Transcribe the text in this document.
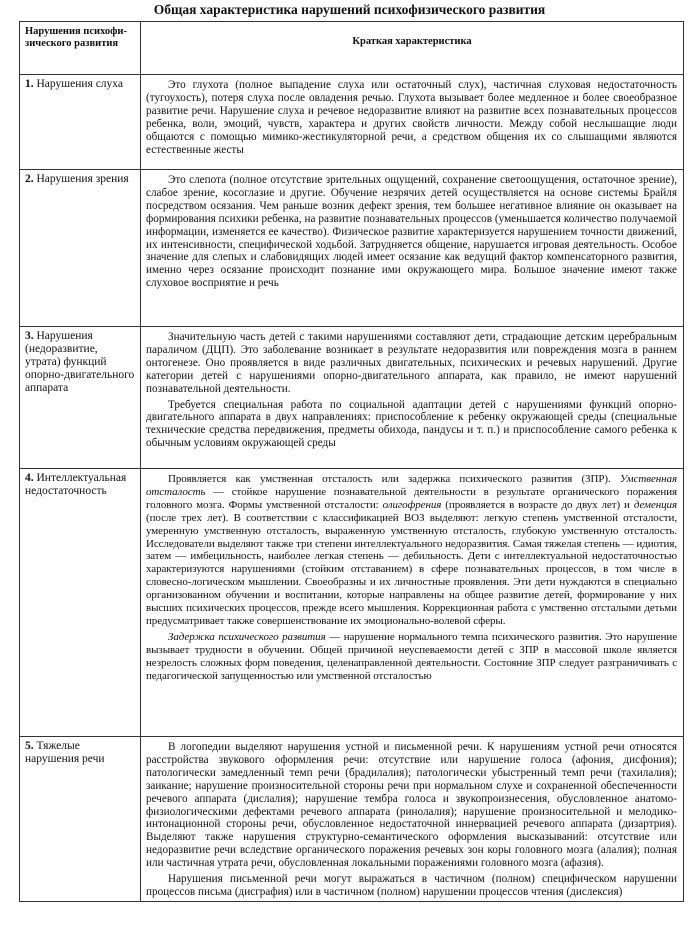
Общая характеристика нарушений психофизического развития
Нарушения психофи-зического развития	Краткая характеристика
1. Нарушения слуха	Это глухота (полное выпадение слуха или остаточный слух), частичная слуховая недостаточность (тугоухость), потеря слуха после овладения речью. Глухота вызывает более медленное и более своеобразное развитие речи. Нарушение слуха и речевое недоразвитие влияют на развитие всех познавательных процессов ребенка, воли, эмоций, чувств, характера и других свойств личности. Между собой неслышащие люди общаются с помощью мимико-жестикуляторной речи, а средством общения их со слышащими являются естественные жесты

2. Нарушения зрения	Это слепота (полное отсутствие зрительных ощущений, сохранение светоощущения, остаточное зрение), слабое зрение, косоглазие и другие. Обучение незрячих детей осуществляется на основе системы Брайля посредством осязания. Чем раньше возник дефект зрения, тем большее негативное влияние он оказывает на формирования психики ребенка, на развитие познавательных процессов (уменьшается количество получаемой информации, изменяется ее качество). Физическое развитие характеризуется нарушением точности движений, их интенсивности, специфической ходьбой. Затрудняется общение, нарушается игровая деятельность. Особое значение для слепых и слабовидящих людей имеет осязание как ведущий фактор компенсаторного развития, именно через осязание происходит познание ими окружающего мира. Большое значение имеют также слуховое восприятие и речь

3. Нарушения (недоразвитие, утрата) функций опорно-двигательного аппарата	Значительную часть детей с такими нарушениями составляют дети, страдающие детским церебральным параличом (ДЦП). Это заболевание возникает в результате недоразвития или повреждения мозга в раннем онтогенезе. Оно проявляется в виде различных двигательных, психических и речевых нарушений. Другие категории детей с нарушениями опорно-двигательного аппарата, как правило, не имеют нарушений познавательной деятельности.

Требуется специальная работа по социальной адаптации детей с нарушениями функций опорно-двигательного аппарата в двух направлениях: приспособление к ребенку окружающей среды (специальные технические средства передвижения, предметы обихода, пандусы и т. п.) и приспособление самого ребенка к обычным условиям окружающей среды

4. Интеллектуальная недостаточность	Проявляется как умственная отсталость или задержка психического развития (ЗПР). Умственная отсталость — стойкое нарушение познавательной деятельности в результате органического поражения головного мозга. Формы умственной отсталости: олигофрения (проявляется в возрасте до двух лет) и деменция (после трех лет). В соответствии с классификацией ВОЗ выделяют: легкую степень умственной отсталости, умеренную умственную отсталость, выраженную умственную отсталость, глубокую умственную отсталость. Исследователи выделяют также три степени интеллектуального недоразвития. Самая тяжелая степень — идиотия, затем — имбецильность, наиболее легкая степень — дебильность. Дети с интеллектуальной недостаточностью характеризуются нарушениями (стойким отставанием) в сфере познавательных процессов, в том числе в словесно-логическом мышлении. Своеобразны и их личностные проявления. Эти дети нуждаются в специально организованном обучении и воспитании, которые направлены на общее развитие детей, формирование у них высших психических процессов, прежде всего мышления. Коррекционная работа с умственно отсталыми детьми предусматривает также совершенствование их эмоционально-волевой сферы.

Задержка психического развития — нарушение нормального темпа психического развития. Это нарушение вызывает трудности в обучении. Общей причиной неуспеваемости детей с ЗПР в массовой школе является незрелость сложных форм поведения, целенаправленной деятельности. Состояние ЗПР следует разграничивать с педагогической запущенностью или умственной отсталостью

5. Тяжелые нарушения речи	В логопедии выделяют нарушения устной и письменной речи. К нарушениям устной речи относятся расстройства звукового оформления речи: отсутствие или нарушение голоса (афония, дисфония); патологически замедленный темп речи (брадилалия); патологически убыстренный темп речи (тахилалия); заикание; нарушение произносительной стороны речи при нормальном слухе и сохраненной обеспеченности речевого аппарата (дислалия); нарушение тембра голоса и звукопроизнесения, обусловленное анатомо-физиологическими дефектами речевого аппарата (ринолалия); нарушение произносительной и мелодико-интонационной стороны речи, обусловленное недостаточной иннервацией речевого аппарата (дизартрия). Выделяют также нарушения структурно-семантического оформления высказываний: отсутствие или недоразвитие речи вследствие органического поражения речевых зон коры головного мозга (алалия); полная или частичная утрата речи, обусловленная локальными поражениями головного мозга (афазия).

Нарушения письменной речи могут выражаться в частичном (полном) специфическом нарушении процессов письма (дисграфия) или в частичном (полном) нарушении процессов чтения (дислексия)
